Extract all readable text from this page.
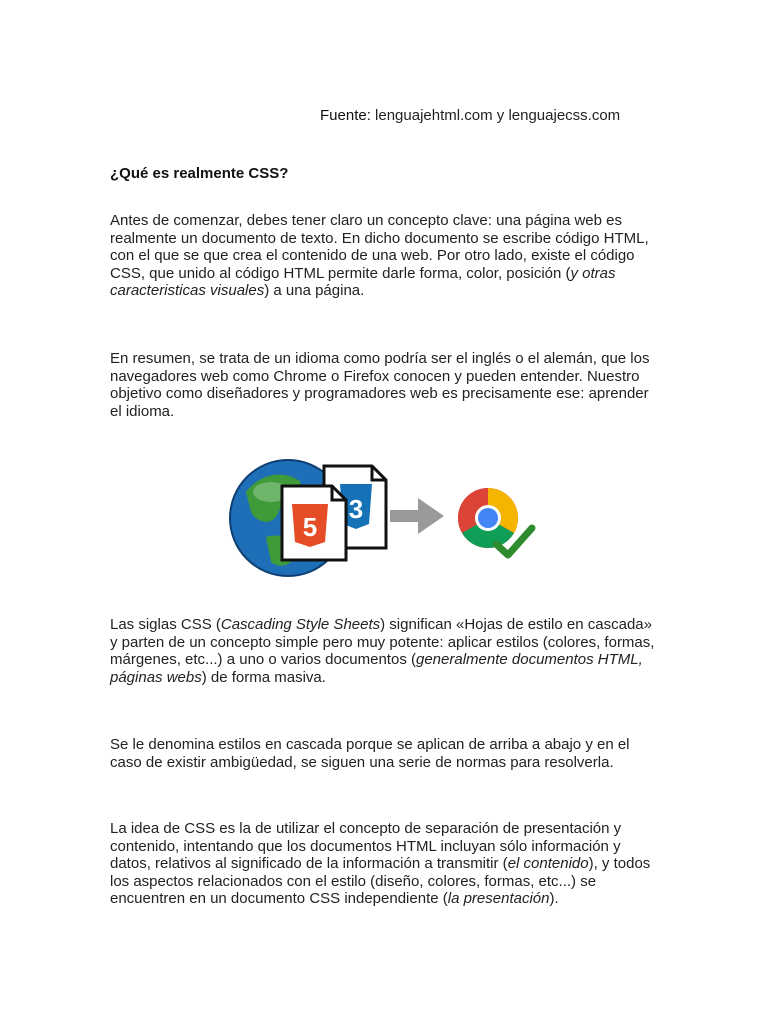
Fuente: lenguajehtml.com y lenguajecss.com
¿Qué es realmente CSS?

Antes de comenzar, debes tener claro un concepto clave: una página web es realmente un documento de texto. En dicho documento se escribe código HTML, con el que se que crea el contenido de una web. Por otro lado, existe el código CSS, que unido al código HTML permite darle forma, color, posición (y otras caracteristicas visuales) a una página.

En resumen, se trata de un idioma como podría ser el inglés o el alemán, que los navegadores web como Chrome o Firefox conocen y pueden entender. Nuestro objetivo como diseñadores y programadores web es precisamente ese: aprender el idioma.

3
5

Las siglas CSS (Cascading Style Sheets) significan «Hojas de estilo en cascada» y parten de un concepto simple pero muy potente: aplicar estilos (colores, formas, márgenes, etc...) a uno o varios documentos (generalmente documentos HTML, páginas webs) de forma masiva.

Se le denomina estilos en cascada porque se aplican de arriba a abajo y en el caso de existir ambigüedad, se siguen una serie de normas para resolverla.

La idea de CSS es la de utilizar el concepto de separación de presentación y contenido, intentando que los documentos HTML incluyan sólo información y datos, relativos al significado de la información a transmitir (el contenido), y todos los aspectos relacionados con el estilo (diseño, colores, formas, etc...) se encuentren en un documento CSS independiente (la presentación).
